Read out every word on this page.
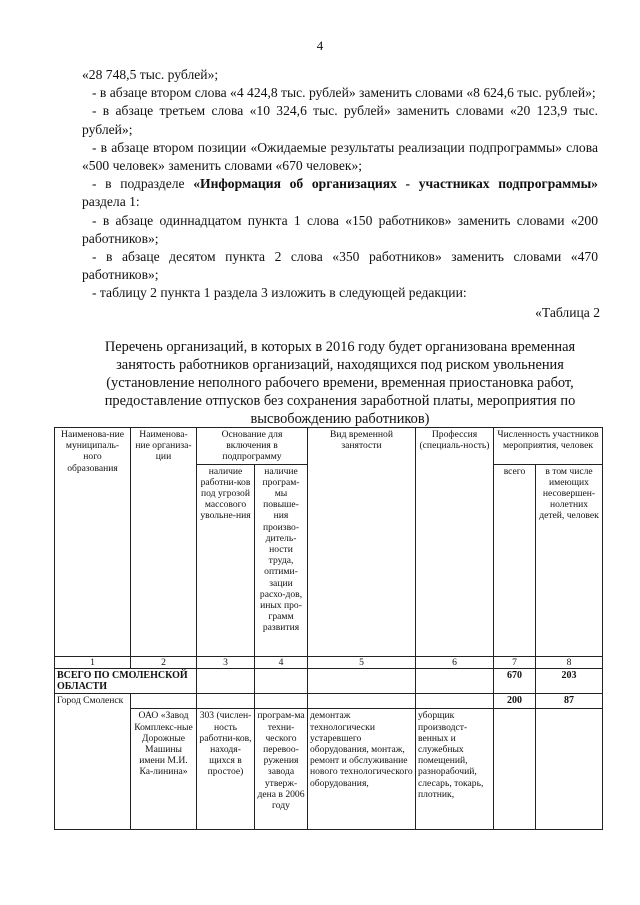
4

«28 748,5 тыс. рублей»;

- в абзаце втором слова «4 424,8 тыс. рублей» заменить словами «8 624,6 тыс. рублей»;

- в абзаце третьем слова «10 324,6 тыс. рублей» заменить словами «20 123,9 тыс. рублей»;

- в абзаце втором позиции «Ожидаемые результаты реализации подпрограммы» слова «500 человек» заменить словами «670 человек»;

- в подразделе «Информация об организациях - участниках подпрограммы» раздела 1:

- в абзаце одиннадцатом пункта 1 слова «150 работников» заменить словами «200 работников»;

- в абзаце десятом пункта 2 слова «350 работников» заменить словами «470 работников»;

- таблицу 2 пункта 1 раздела 3 изложить в следующей редакции:

«Таблица 2
Перечень организаций, в которых в 2016 году будет организована временная занятость работников организаций, находящихся под риском увольнения (установление неполного рабочего времени, временная приостановка работ, предоставление отпусков без сохранения заработной платы, мероприятия по высвобождению работников)
Наименова-ние муниципаль-ного образования	Наименова-ние организа-ции	Основание для включения в подпрограмму		Вид временной занятости	Профессия (специаль-ность)	Численность участников мероприятия, человек	
		наличие работни-ков под угрозой массового увольне-ния	наличие програм-мы повыше-ния произво-дитель-ности труда, оптими-зации расхо-дов, иных про-грамм развития			всего	в том числе имеющих несовершен-нолетних детей, человек
1	2	3	4	5	6	7	8
ВСЕГО ПО СМОЛЕНСКОЙ ОБЛАСТИ						670	203
Город Смоленск						200	87
	ОАО «Завод Комплекс-ные Дорожные Машины имени М.И. Ка-линина»	303 (числен-ность работни-ков, находя-щихся в простое)	програм-ма техни-ческого перевоо-ружения завода утверж-дена в 2006 году	демонтаж технологически устаревшего оборудования, монтаж, ремонт и обслуживание нового технологического оборудования,	уборщик производст-венных и служебных помещений, разнорабочий, слесарь, токарь, плотник,		
